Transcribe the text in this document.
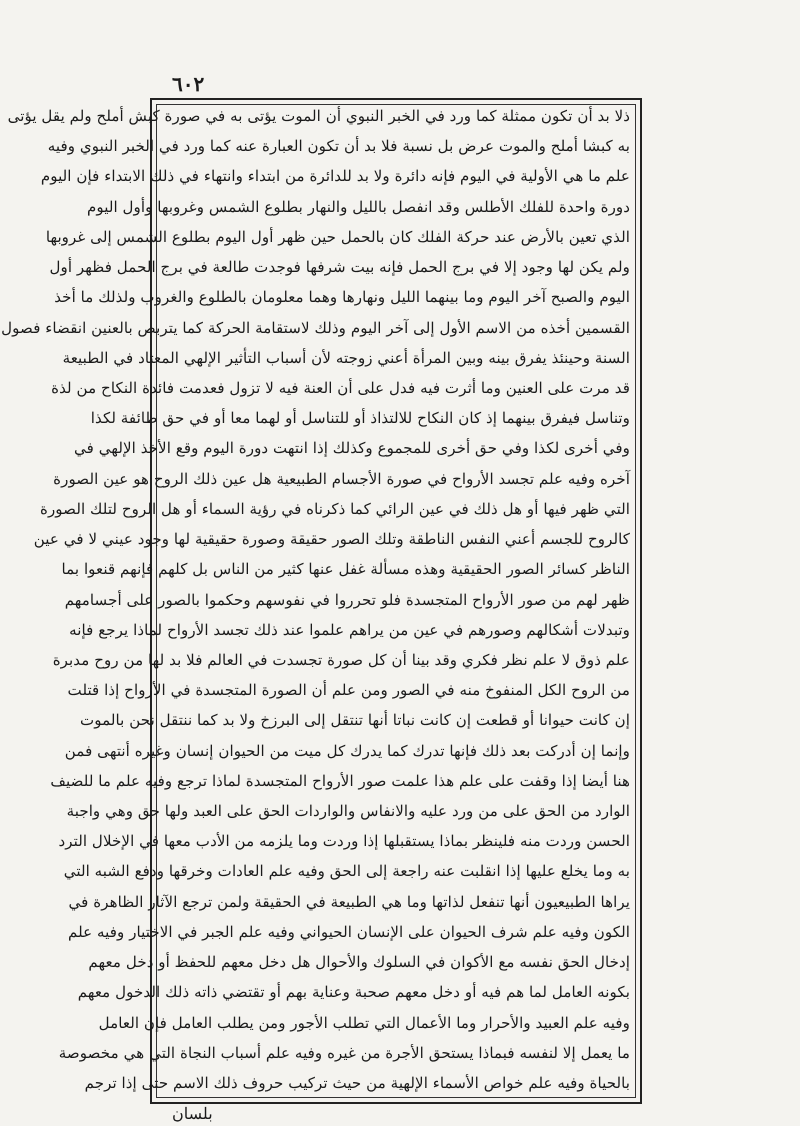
٦٠٢
ذلا بد أن تكون ممثلة كما ورد في الخبر النبوي أن الموت يؤتى به في صورة كبش أملح ولم يقل يؤتى
به كبشا أملح والموت عرض بل نسبة فلا بد أن تكون العبارة عنه كما ورد في الخبر النبوي وفيه
علم ما هي الأولية في اليوم فإنه دائرة ولا بد للدائرة من ابتداء وانتهاء في ذلك الابتداء فإن اليوم
دورة واحدة للفلك الأطلس وقد انفصل بالليل والنهار بطلوع الشمس وغروبها وأول اليوم
الذي تعين بالأرض عند حركة الفلك كان بالحمل حين ظهر أول اليوم بطلوع الشمس إلى غروبها
ولم يكن لها وجود إلا في برج الحمل فإنه بيت شرفها فوجدت طالعة في برج الحمل فظهر أول
اليوم والصبح آخر اليوم وما بينهما الليل ونهارها وهما معلومان بالطلوع والغروب ولذلك ما أخذ
القسمين أخذه من الاسم الأول إلى آخر اليوم وذلك لاستقامة الحركة كما يتربص بالعنين انقضاء فصول
السنة وحينئذ يفرق بينه وبين المرأة أعني زوجته لأن أسباب التأثير الإلهي المعتاد في الطبيعة
قد مرت على العنين وما أثرت فيه فدل على أن العنة فيه لا تزول فعدمت فائدة النكاح من لذة
وتناسل فيفرق بينهما إذ كان النكاح للالتذاذ أو للتناسل أو لهما معا أو في حق طائفة لكذا
وفي أخرى لكذا وفي حق أخرى للمجموع وكذلك إذا انتهت دورة اليوم وقع الأخذ الإلهي في
آخره وفيه علم تجسد الأرواح في صورة الأجسام الطبيعية هل عين ذلك الروح هو عين الصورة
التي ظهر فيها أو هل ذلك في عين الرائي كما ذكرناه في رؤية السماء أو هل الروح لتلك الصورة
كالروح للجسم أعني النفس الناطقة وتلك الصور حقيقة وصورة حقيقية لها وجود عيني لا في عين
الناظر كسائر الصور الحقيقية وهذه مسألة غفل عنها كثير من الناس بل كلهم فإنهم قنعوا بما
ظهر لهم من صور الأرواح المتجسدة فلو تحرروا في نفوسهم وحكموا بالصور على أجسامهم
وتبدلات أشكالهم وصورهم في عين من يراهم علموا عند ذلك تجسد الأرواح لماذا يرجع فإنه
علم ذوق لا علم نظر فكري وقد بينا أن كل صورة تجسدت في العالم فلا بد لها من روح مدبرة
من الروح الكل المنفوخ منه في الصور ومن علم أن الصورة المتجسدة في الأرواح إذا قتلت
إن كانت حيوانا أو قطعت إن كانت نباتا أنها تنتقل إلى البرزخ ولا بد كما ننتقل نحن بالموت
وإنما إن أدركت بعد ذلك فإنها تدرك كما يدرك كل ميت من الحيوان إنسان وغيره أنتهى فمن
هنا أيضا إذا وقفت على علم هذا علمت صور الأرواح المتجسدة لماذا ترجع وفيه علم ما للضيف
الوارد من الحق على من ورد عليه والانفاس والواردات الحق على العبد ولها حق وهي واجبة
الحسن وردت منه فلينظر بماذا يستقبلها إذا وردت وما يلزمه من الأدب معها في الإخلال الترد
به وما يخلع عليها إذا انقلبت عنه راجعة إلى الحق وفيه علم العادات وخرقها ودفع الشبه التي
يراها الطبيعيون أنها تنفعل لذاتها وما هي الطبيعة في الحقيقة ولمن ترجع الآثار الظاهرة في
الكون وفيه علم شرف الحيوان على الإنسان الحيواني وفيه علم الجبر في الاختيار وفيه علم
إدخال الحق نفسه مع الأكوان في السلوك والأحوال هل دخل معهم للحفظ أو دخل معهم
بكونه العامل لما هم فيه أو دخل معهم صحبة وعناية بهم أو تقتضي ذاته ذلك الدخول معهم
وفيه علم العبيد والأحرار وما الأعمال التي تطلب الأجور ومن يطلب العامل فإن العامل
ما يعمل إلا لنفسه فبماذا يستحق الأجرة من غيره وفيه علم أسباب النجاة التي هي مخصوصة
بالحياة وفيه علم خواص الأسماء الإلهية من حيث تركيب حروف ذلك الاسم حتى إذا ترجم
بلسان
